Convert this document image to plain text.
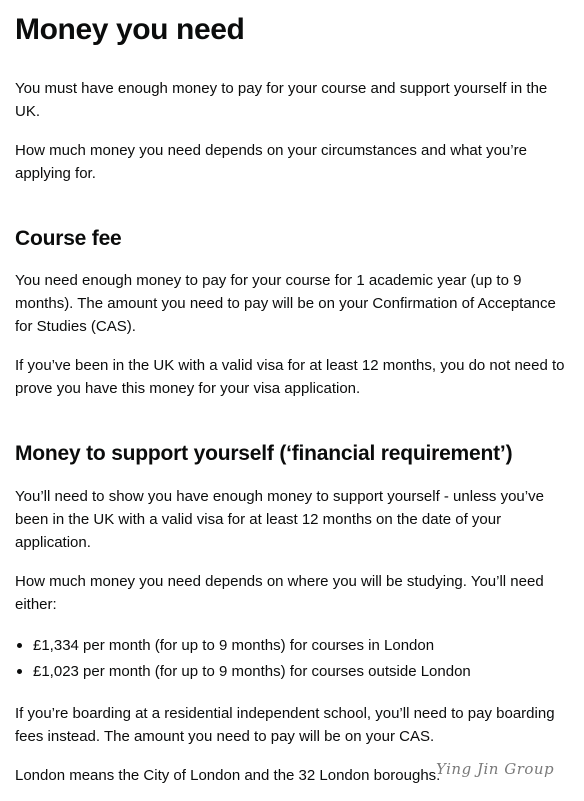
Money you need

You must have enough money to pay for your course and support yourself in the UK.

How much money you need depends on your circumstances and what you’re applying for.

Course fee

You need enough money to pay for your course for 1 academic year (up to 9 months). The amount you need to pay will be on your Confirmation of Acceptance for Studies (CAS).

If you’ve been in the UK with a valid visa for at least 12 months, you do not need to prove you have this money for your visa application.

Money to support yourself (‘financial requirement’)

You’ll need to show you have enough money to support yourself - unless you’ve been in the UK with a valid visa for at least 12 months on the date of your application.

How much money you need depends on where you will be studying. You’ll need either:

£1,334 per month (for up to 9 months) for courses in London
£1,023 per month (for up to 9 months) for courses outside London

If you’re boarding at a residential independent school, you’ll need to pay boarding fees instead. The amount you need to pay will be on your CAS.

London means the City of London and the 32 London boroughs.

Ying Jin Group
